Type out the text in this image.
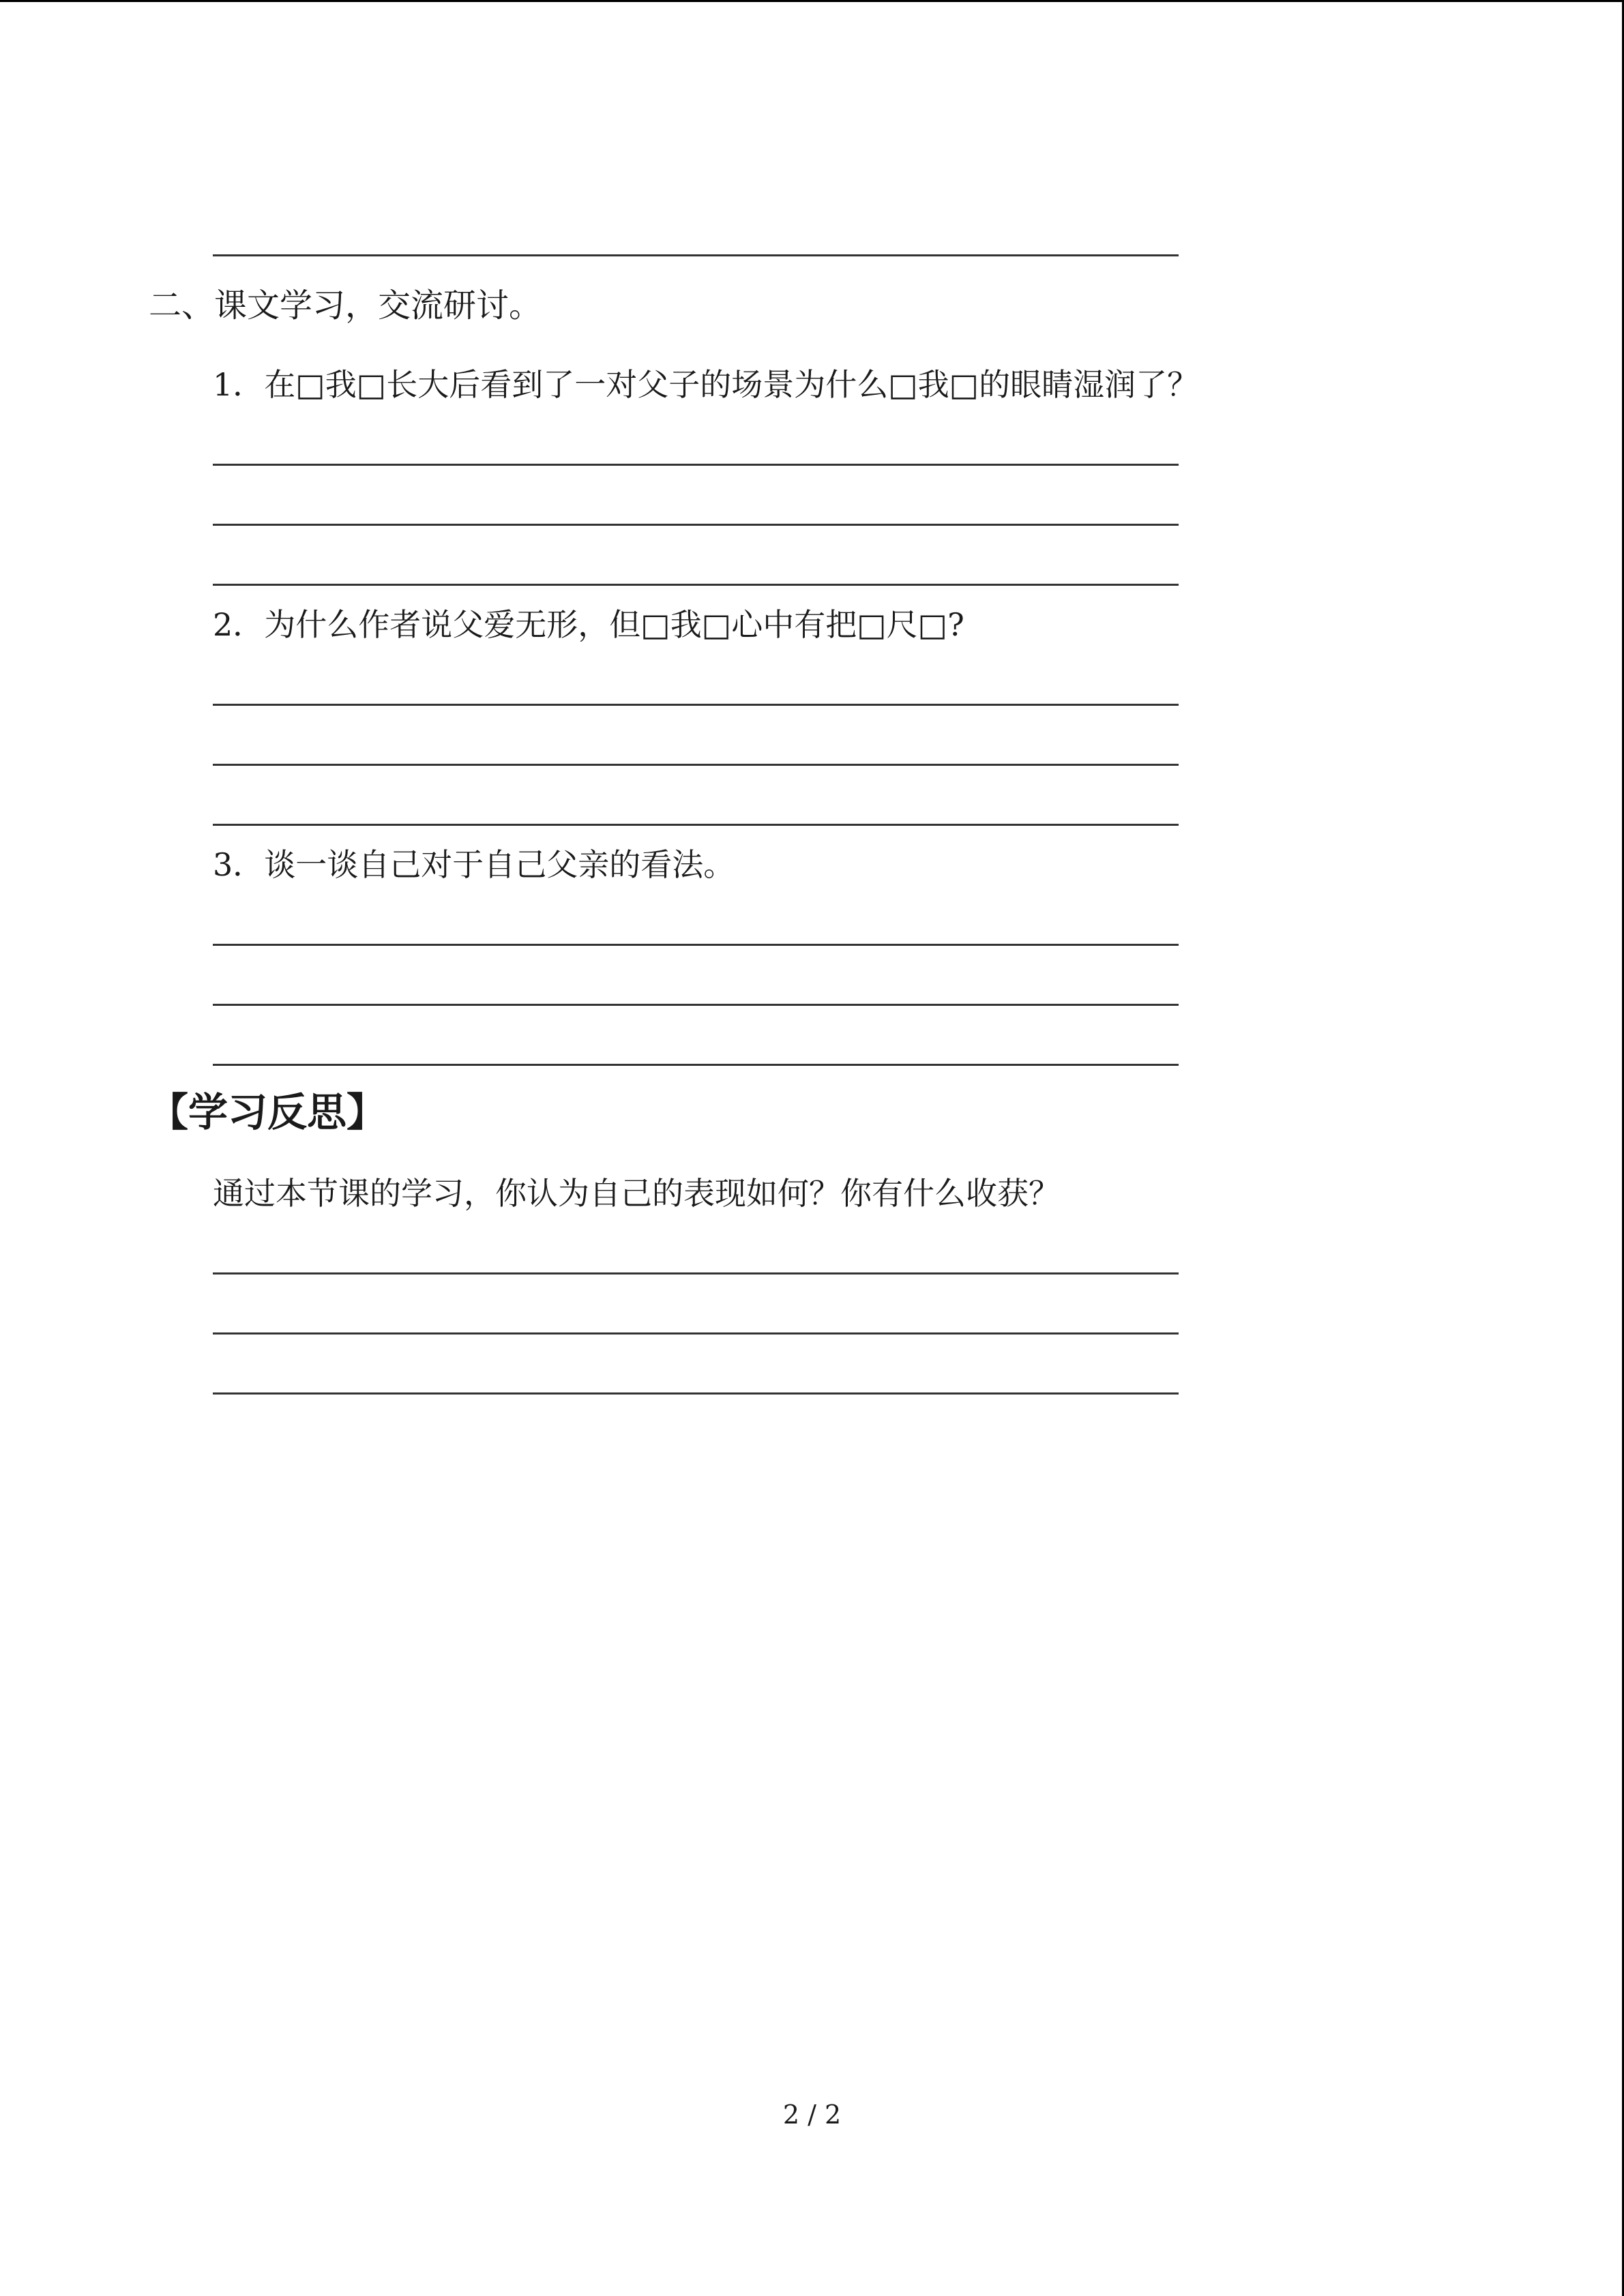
二、课文学习，交流研讨。
1．在□我□长大后看到了一对父子的场景为什么□我□的眼睛湿润了？
2．为什么作者说父爱无形，但□我□心中有把□尺□?
3．谈一谈自己对于自己父亲的看法。
【学习反思】
通过本节课的学习，你认为自己的表现如何？你有什么收获？
2 / 2
